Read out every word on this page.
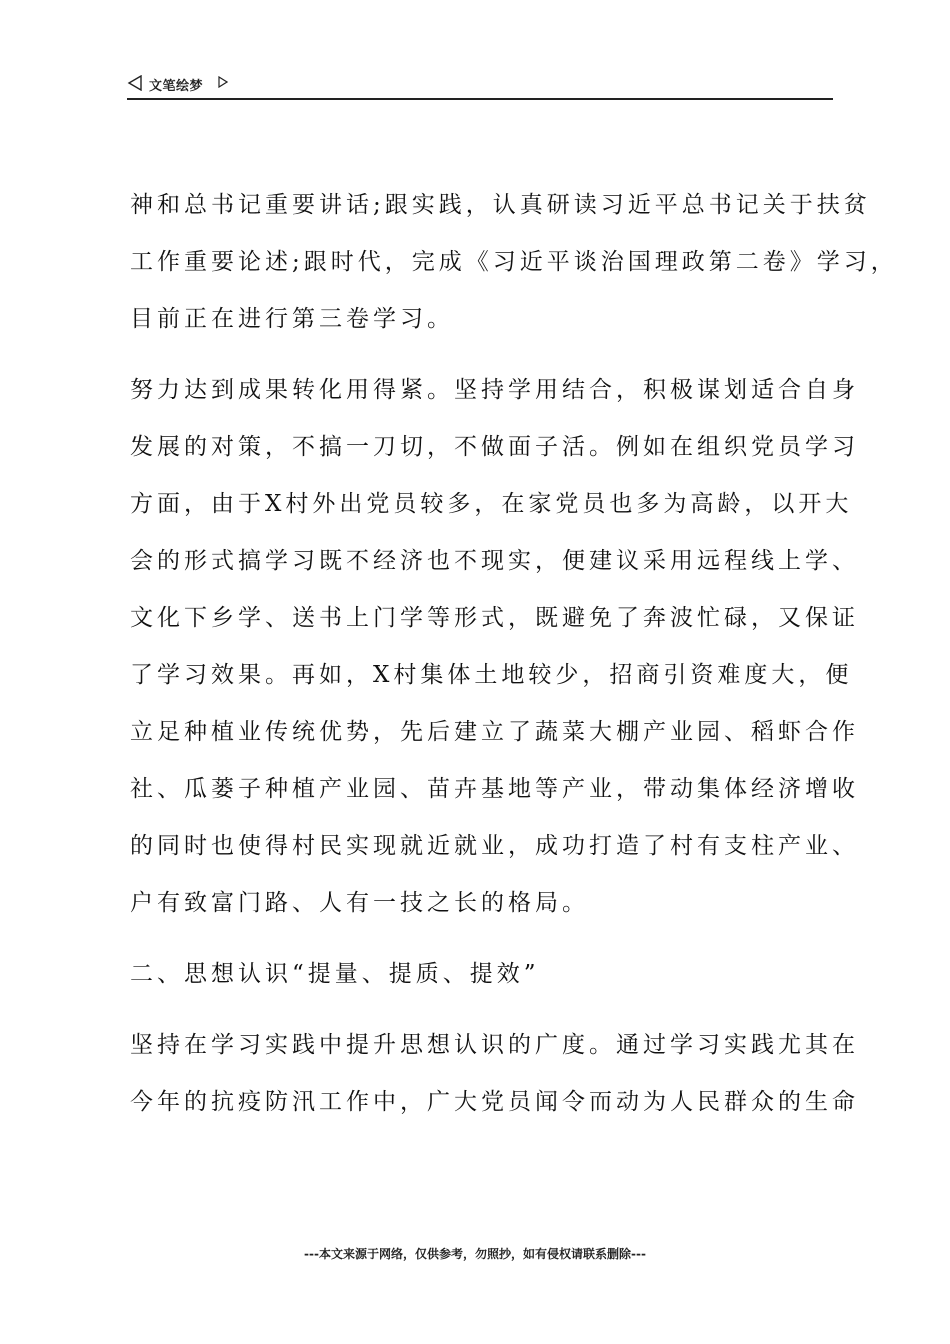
文笔绘梦
神和总书记重要讲话;跟实践，认真研读习近平总书记关于扶贫
工作重要论述;跟时代，完成《习近平谈治国理政第二卷》学习，
目前正在进行第三卷学习。
努力达到成果转化用得紧。坚持学用结合，积极谋划适合自身
发展的对策，不搞一刀切，不做面子活。例如在组织党员学习
方面，由于X村外出党员较多，在家党员也多为高龄，以开大
会的形式搞学习既不经济也不现实，便建议采用远程线上学、
文化下乡学、送书上门学等形式，既避免了奔波忙碌，又保证
了学习效果。再如，X村集体土地较少，招商引资难度大，便
立足种植业传统优势，先后建立了蔬菜大棚产业园、稻虾合作
社、瓜蒌子种植产业园、苗卉基地等产业，带动集体经济增收
的同时也使得村民实现就近就业，成功打造了村有支柱产业、
户有致富门路、人有一技之长的格局。
二、思想认识“提量、提质、提效”
坚持在学习实践中提升思想认识的广度。通过学习实践尤其在
今年的抗疫防汛工作中，广大党员闻令而动为人民群众的生命
---本文来源于网络，仅供参考，勿照抄，如有侵权请联系删除---
